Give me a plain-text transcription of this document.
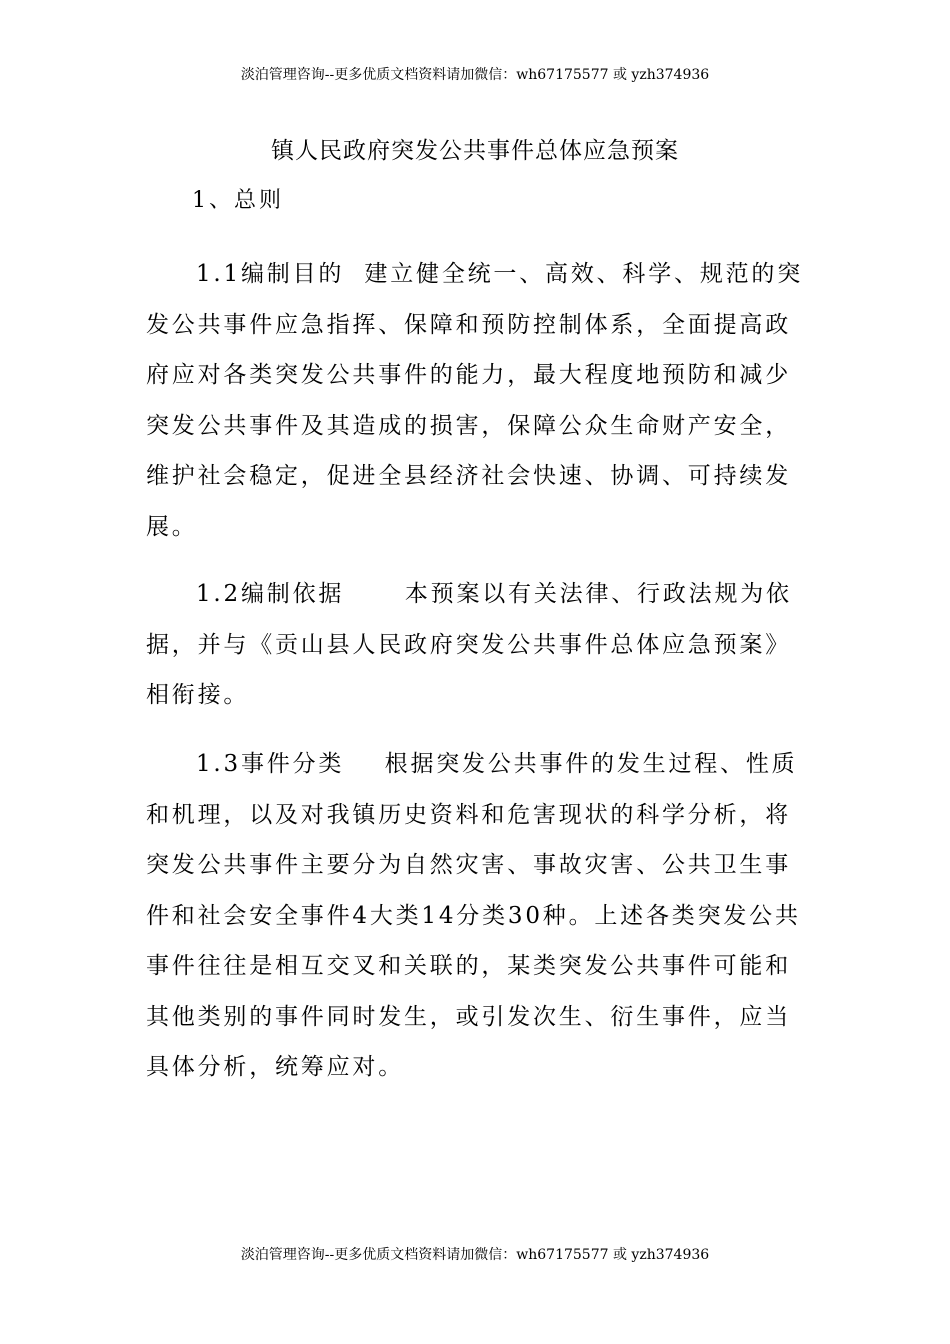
淡泊管理咨询--更多优质文档资料请加微信：wh67175577 或 yzh374936
镇人民政府突发公共事件总体应急预案
1、总则

1.1编制目的 建立健全统一、高效、科学、规范的突发公共事件应急指挥、保障和预防控制体系，全面提高政府应对各类突发公共事件的能力，最大程度地预防和减少突发公共事件及其造成的损害，保障公众生命财产安全，维护社会稳定，促进全县经济社会快速、协调、可持续发展。

1.2编制依据	本预案以有关法律、行政法规为依据，并与《贡山县人民政府突发公共事件总体应急预案》相衔接。

1.3事件分类 根据突发公共事件的发生过程、性质和机理，以及对我镇历史资料和危害现状的科学分析，将突发公共事件主要分为自然灾害、事故灾害、公共卫生事件和社会安全事件4大类14分类30种。上述各类突发公共事件往往是相互交叉和关联的，某类突发公共事件可能和其他类别的事件同时发生，或引发次生、衍生事件，应当具体分析，统筹应对。

淡泊管理咨询--更多优质文档资料请加微信：wh67175577 或 yzh374936
